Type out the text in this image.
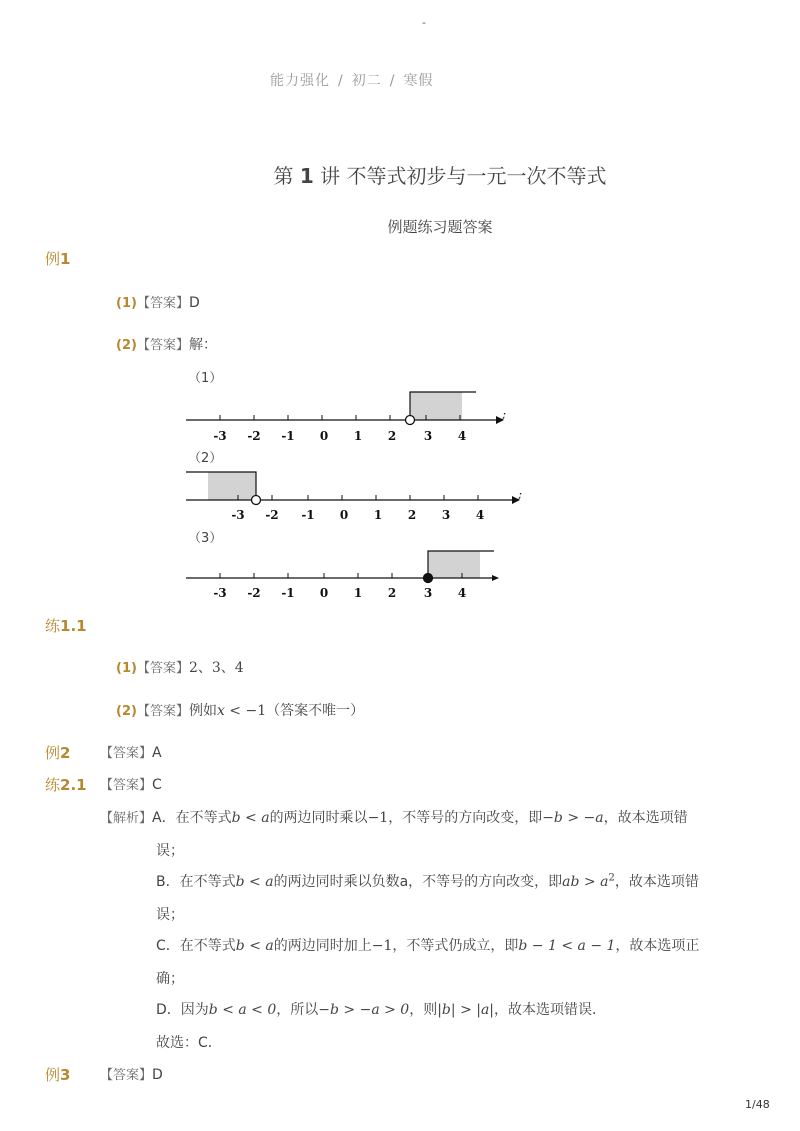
-
能力强化 / 初二 / 寒假
第 1 讲 不等式初步与一元一次不等式
例题练习题答案
例1
(1)【答案】D
(2)【答案】解：
（1）
（2）
（3）
-3 -2 -1 0 1 2 3 4
;
-3 -2 -1 0 1 2 3 4
;
-3 -2 -1 0 1 2 3 4
练1.1
(1)【答案】2、3、4
(2)【答案】例如x < −1（答案不唯一）
例2 【答案】A
练2.1 【答案】C
【解析】A．在不等式b < a的两边同时乘以−1，不等号的方向改变，即−b > −a，故本选项错
误；
B．在不等式b < a的两边同时乘以负数a，不等号的方向改变，即ab > $a^2$，故本选项错
误；
C．在不等式b < a的两边同时加上−1，不等式仍成立，即b − 1 < a − 1，故本选项正
确；
D．因为b < a < 0，所以−b > −a > 0，则|b| > |a|，故本选项错误．
故选：C．
例3 【答案】D
1/48
